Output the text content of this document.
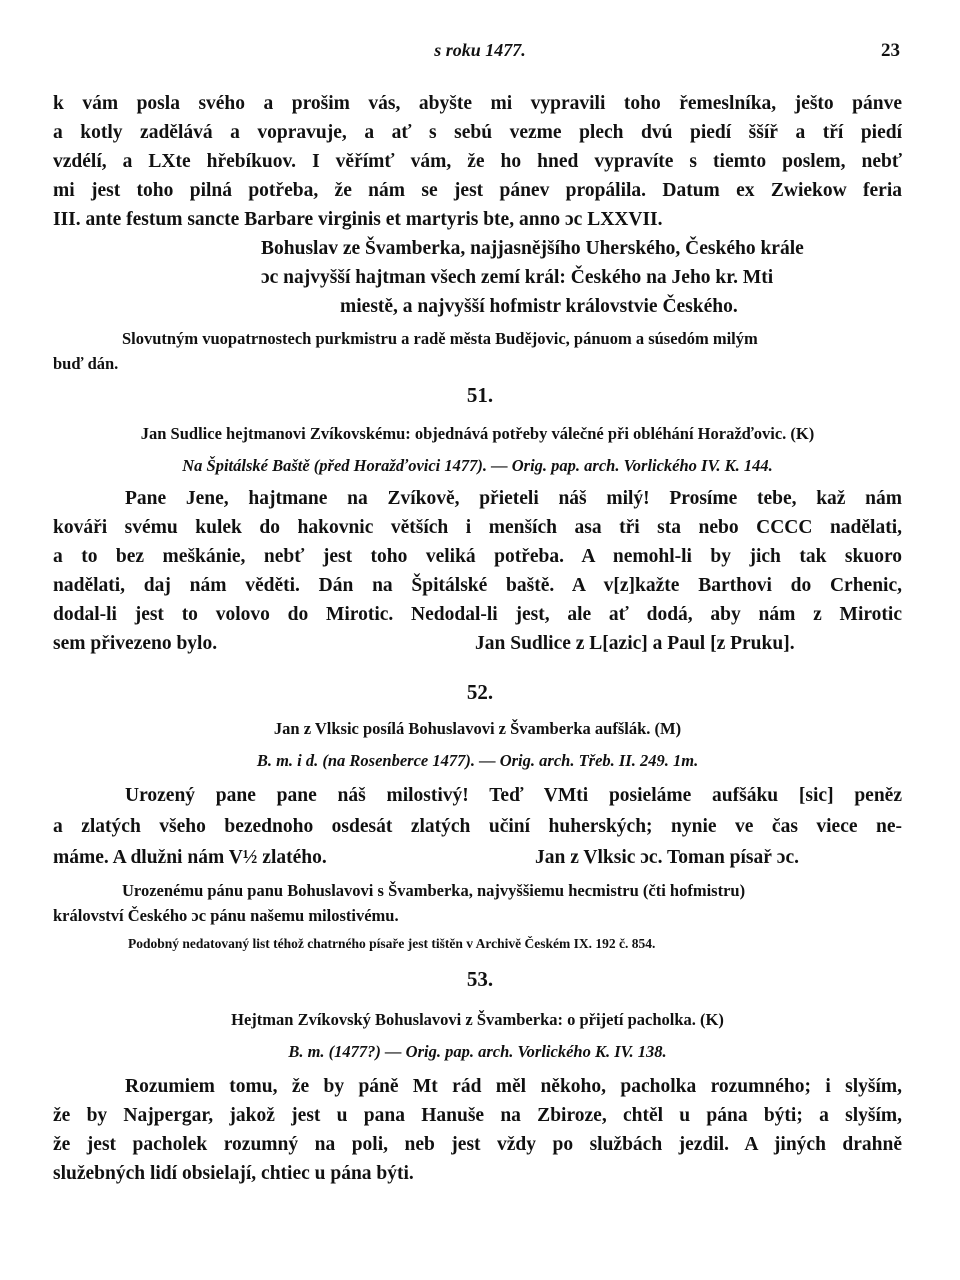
s roku 1477.	23
k vám posla svého a prošim vás, abyšte mi vypravili toho řemeslníka, ješto pánve
a kotly zadělává a vopravuje, a ať s sebú vezme plech dvú piedí ššíř a tří piedí
vzdélí, a LXte hřebíkuov. I věřímť vám, že ho hned vypravíte s tiemto poslem, nebť
mi jest toho pilná potřeba, že nám se jest pánev propálila. Datum ex Zwiekow feria
III. ante festum sancte Barbare virginis et martyris bte, anno ɔc LXXVII.
Bohuslav ze Švamberka, najjasnějšího Uherského, Českého krále
ɔc najvyšší hajtman všech zemí král: Českého na Jeho kr. Mti
miestě, a najvyšší hofmistr královstvie Českého.
Slovutným vuopatrnostech purkmistru a radě města Budějovic, pánuom a súsedóm milým
buď dán.
51.
Jan Sudlice hejtmanovi Zvíkovskému: objednává potřeby válečné při obléhání Horažďovic. (K)
Na Špitálské Baště (před Horažďovici 1477). — Orig. pap. arch. Vorlického IV. K. 144.
Pane Jene, hajtmane na Zvíkově, přieteli náš milý! Prosíme tebe, kaž nám
kováři svému kulek do hakovnic větších i menších asa tři sta nebo CCCC nadělati,
a to bez meškánie, nebť jest toho veliká potřeba. A nemohl-li by jich tak skuoro
nadělati, daj nám věděti. Dán na Špitálské baště. A v[z]kažte Barthovi do Crhenic,
dodal-li jest to volovo do Mirotic. Nedodal-li jest, ale ať dodá, aby nám z Mirotic
sem přivezeno bylo.	Jan Sudlice z L[azic] a Paul [z Pruku].
52.
Jan z Vlksic posílá Bohuslavovi z Švamberka aufšlák. (M)
B. m. i d. (na Rosenberce 1477). — Orig. arch. Třeb. II. 249. 1m.
Urozený pane pane náš milostivý! Teď VMti posieláme aufšáku [sic] peněz
a zlatých všeho bezednoho osdesát zlatých učiní huherských; nynie ve čas viece ne-
máme. A dlužni nám V½ zlatého.	Jan z Vlksic ɔc. Toman písař ɔc.
Urozenému pánu panu Bohuslavovi s Švamberka, najvyššiemu hecmistru (čti hofmistru)
království Českého ɔc pánu našemu milostivému.
Podobný nedatovaný list téhož chatrného písaře jest tištěn v Archivě Českém IX. 192 č. 854.
53.
Hejtman Zvíkovský Bohuslavovi z Švamberka: o přijetí pacholka. (K)
B. m. (1477?) — Orig. pap. arch. Vorlického K. IV. 138.
Rozumiem tomu, že by páně Mt rád měl někoho, pacholka rozumného; i slyším,
že by Najpergar, jakož jest u pana Hanuše na Zbiroze, chtěl u pána býti; a slyším,
že jest pacholek rozumný na poli, neb jest vždy po službách jezdil. A jiných drahně
služebných lidí obsielají, chtiec u pána býti.
